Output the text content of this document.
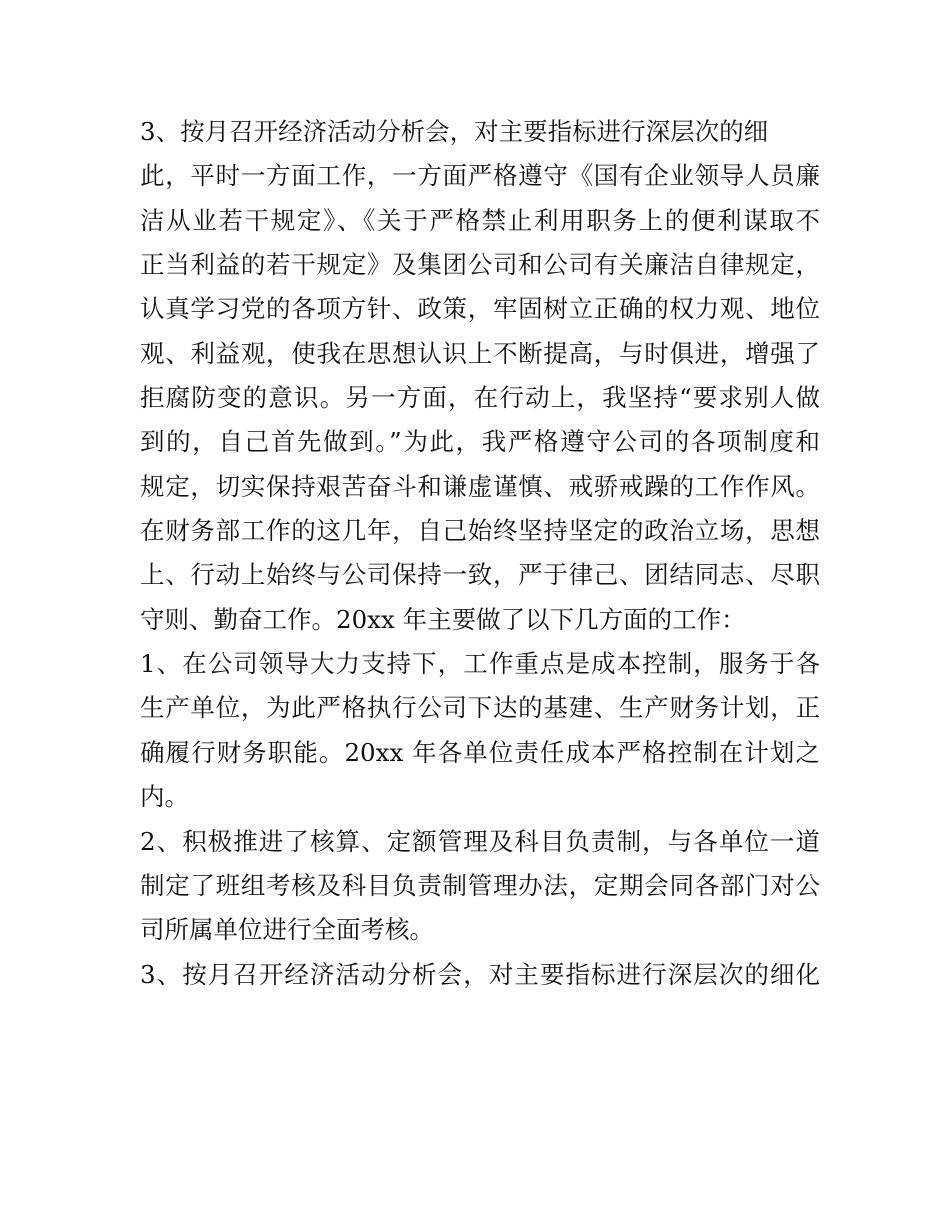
3、按月召开经济活动分析会，对主要指标进行深层次的细
此，平时一方面工作，一方面严格遵守《国有企业领导人员廉
洁从业若干规定》、《关于严格禁止利用职务上的便利谋取不
正当利益的若干规定》及集团公司和公司有关廉洁自律规定，
认真学习党的各项方针、政策，牢固树立正确的权力观、地位
观、利益观，使我在思想认识上不断提高，与时俱进，增强了
拒腐防变的意识。另一方面，在行动上，我坚持“要求别人做
到的，自己首先做到。”为此，我严格遵守公司的各项制度和
规定，切实保持艰苦奋斗和谦虚谨慎、戒骄戒躁的工作作风。
在财务部工作的这几年，自己始终坚持坚定的政治立场，思想
上、行动上始终与公司保持一致，严于律己、团结同志、尽职
守则、勤奋工作。20xx 年主要做了以下几方面的工作：
1、在公司领导大力支持下，工作重点是成本控制，服务于各
生产单位，为此严格执行公司下达的基建、生产财务计划，正
确履行财务职能。20xx 年各单位责任成本严格控制在计划之
内。
2、积极推进了核算、定额管理及科目负责制，与各单位一道
制定了班组考核及科目负责制管理办法，定期会同各部门对公
司所属单位进行全面考核。
3、按月召开经济活动分析会，对主要指标进行深层次的细化
